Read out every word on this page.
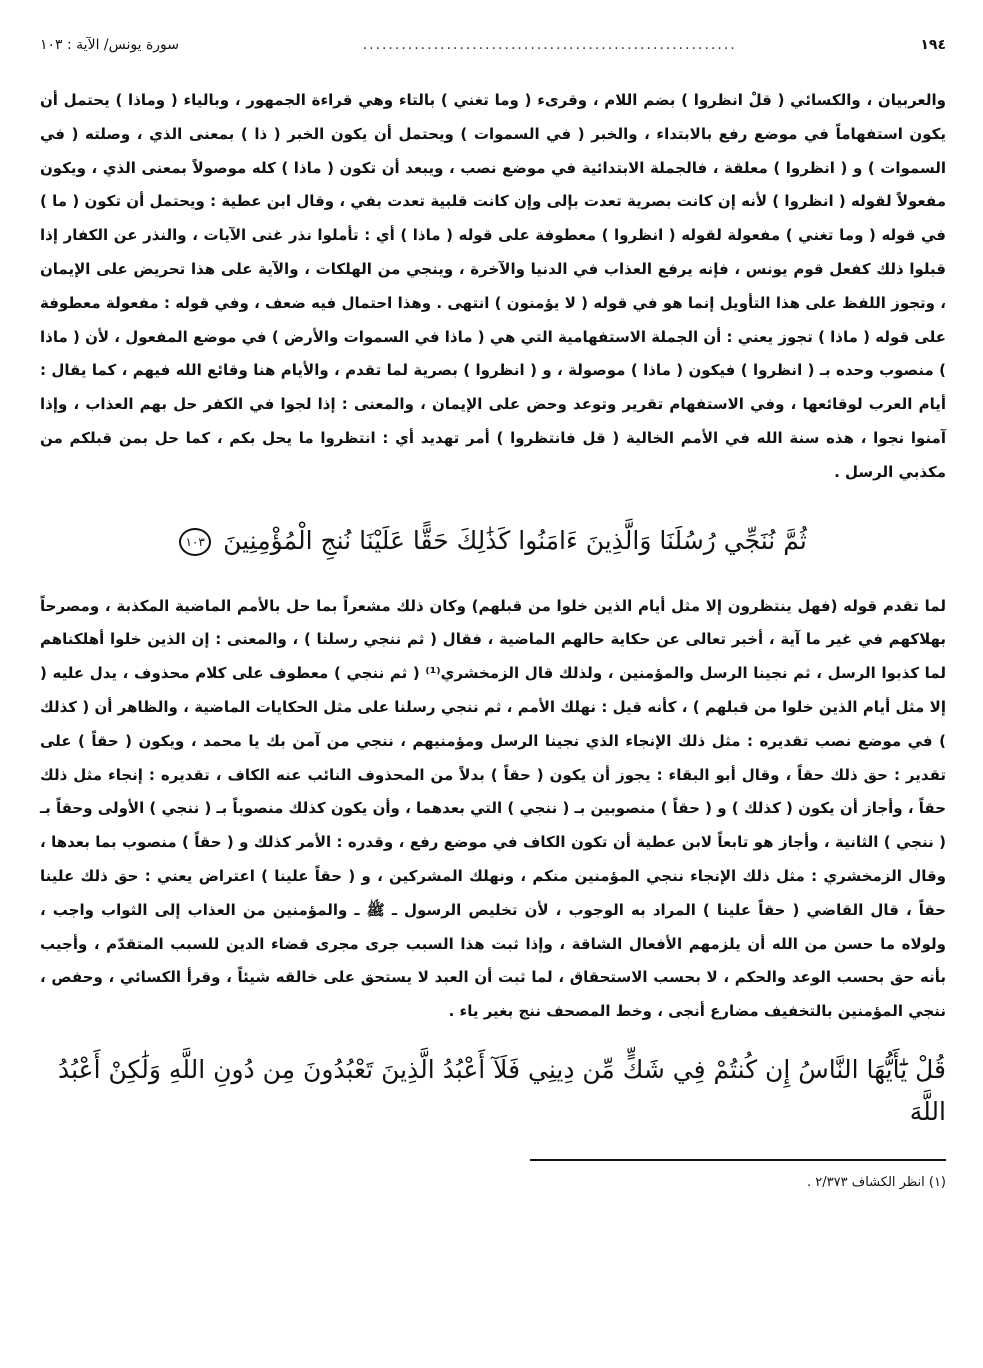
١٩٤
..........................................................
سورة يونس/ الآية : ١٠٣
والعربيان ، والكسائي ( قلْ انظروا ) بضم اللام ، وقرىء ( وما تغني ) بالتاء وهي قراءة الجمهور ، وبالياء ( وماذا ) يحتمل أن يكون استفهاماً في موضع رفع بالابتداء ، والخبر ( في السموات ) ويحتمل أن يكون الخبر ( ذا ) بمعنى الذي ، وصلته ( في السموات ) و ( انظروا ) معلقة ، فالجملة الابتدائية في موضع نصب ، ويبعد أن تكون ( ماذا ) كله موصولاً بمعنى الذي ، ويكون مفعولاً لقوله ( انظروا ) لأنه إن كانت بصرية تعدت بإلى وإن كانت قلبية تعدت بفي ، وقال ابن عطية : ويحتمل أن تكون ( ما ) في قوله ( وما تغني ) مفعولة لقوله ( انظروا ) معطوفة على قوله ( ماذا ) أي : تأملوا نذر غنى الآيات ، والنذر عن الكفار إذا قبلوا ذلك كفعل قوم يونس ، فإنه يرفع العذاب في الدنيا والآخرة ، وينجي من الهلكات ، والآية على هذا تحريض على الإيمان ، وتجوز اللفظ على هذا التأويل إنما هو في قوله ( لا يؤمنون ) انتهى . وهذا احتمال فيه ضعف ، وفي قوله : مفعولة معطوفة على قوله ( ماذا ) تجوز يعني : أن الجملة الاستفهامية التي هي ( ماذا في السموات والأرض ) في موضع المفعول ، لأن ( ماذا ) منصوب وحده بـ ( انظروا ) فيكون ( ماذا ) موصولة ، و ( انظروا ) بصرية لما تقدم ، والأيام هنا وقائع الله فيهم ، كما يقال : أيام العرب لوقائعها ، وفي الاستفهام تقرير وتوعد وحض على الإيمان ، والمعنى : إذا لجوا في الكفر حل بهم العذاب ، وإذا آمنوا نجوا ، هذه سنة الله في الأمم الخالية ( قل فانتظروا ) أمر تهديد أي : انتظروا ما يحل بكم ، كما حل بمن قبلكم من مكذبي الرسل .
ثُمَّ نُنَجِّي رُسُلَنَا وَالَّذِينَ ءَامَنُوا كَذَٰلِكَ حَقًّا عَلَيْنَا نُنجِ الْمُؤْمِنِينَ ١٠٣
لما تقدم قوله (فهل ينتظرون إلا مثل أيام الذين خلوا من قبلهم) وكان ذلك مشعراً بما حل بالأمم الماضية المكذبة ، ومصرحاً بهلاكهم في غير ما آية ، أخبر تعالى عن حكاية حالهم الماضية ، فقال ( ثم ننجي رسلنا ) ، والمعنى : إن الذين خلوا أهلكناهم لما كذبوا الرسل ، ثم نجينا الرسل والمؤمنين ، ولذلك قال الزمخشري⁽¹⁾ ( ثم ننجي ) معطوف على كلام محذوف ، يدل عليه ( إلا مثل أيام الذين خلوا من قبلهم ) ، كأنه قيل : نهلك الأمم ، ثم ننجي رسلنا على مثل الحكايات الماضية ، والظاهر أن ( كذلك ) في موضع نصب تقديره : مثل ذلك الإنجاء الذي نجينا الرسل ومؤمنيهم ، ننجي من آمن بك يا محمد ، ويكون ( حقاً ) على تقدير : حق ذلك حقاً ، وقال أبو البقاء : يجوز أن يكون ( حقاً ) بدلاً من المحذوف النائب عنه الكاف ، تقديره : إنجاء مثل ذلك حقاً ، وأجاز أن يكون ( كذلك ) و ( حقاً ) منصوبين بـ ( ننجي ) التي بعدهما ، وأن يكون كذلك منصوباً بـ ( ننجي ) الأولى وحقاً بـ ( ننجي ) الثانية ، وأجاز هو تابعاً لابن عطية أن تكون الكاف في موضع رفع ، وقدره : الأمر كذلك و ( حقاً ) منصوب بما بعدها ، وقال الزمخشري : مثل ذلك الإنجاء ننجي المؤمنين منكم ، ونهلك المشركين ، و ( حقاً علينا ) اعتراض يعني : حق ذلك علينا حقاً ، قال القاضي ( حقاً علينا ) المراد به الوجوب ، لأن تخليص الرسول ـ ﷺ ـ والمؤمنين من العذاب إلى الثواب واجب ، ولولاه ما حسن من الله أن يلزمهم الأفعال الشاقة ، وإذا ثبت هذا السبب جرى مجرى قضاء الدين للسبب المتقدّم ، وأجيب بأنه حق بحسب الوعد والحكم ، لا بحسب الاستحقاق ، لما ثبت أن العبد لا يستحق على خالقه شيئاً ، وقرأ الكسائي ، وحفص ، ننجي المؤمنين بالتخفيف مضارع أنجى ، وخط المصحف ننج بغير ياء .
قُلْ يَٰٓأَيُّهَا النَّاسُ إِن كُنتُمْ فِي شَكٍّ مِّن دِينِي فَلَآ أَعْبُدُ الَّذِينَ تَعْبُدُونَ مِن دُونِ اللَّهِ وَلَٰكِنْ أَعْبُدُ اللَّهَ
(١) انظر الكشاف ٢/٣٧٣ .
